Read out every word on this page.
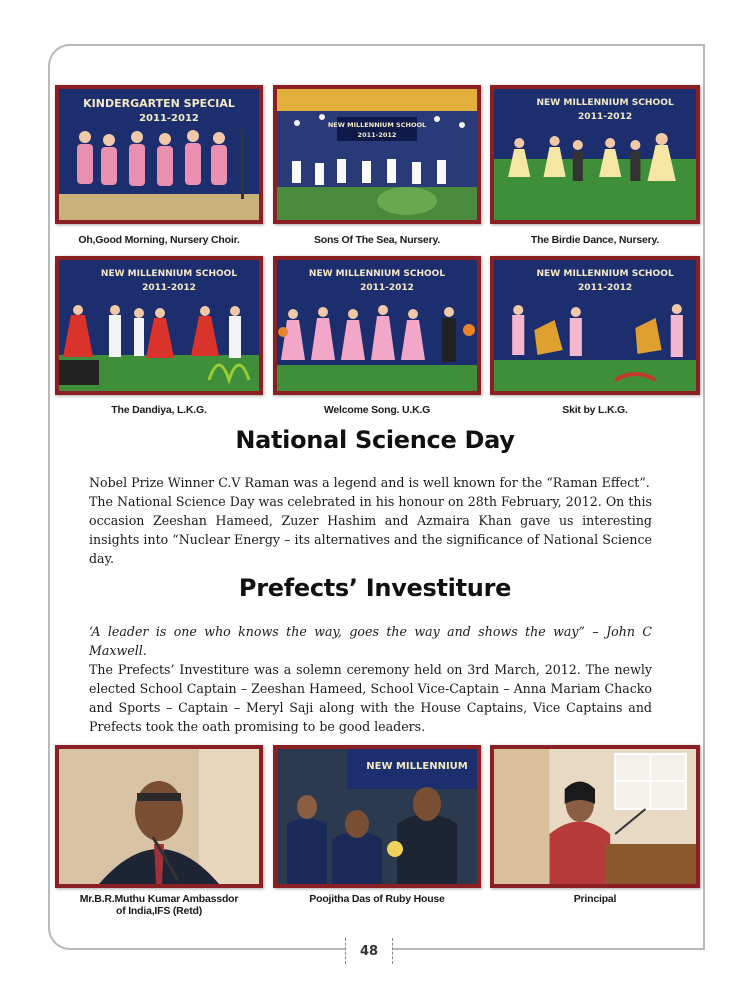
KINDERGARTEN SPECIAL
2011-2012
Oh,Good Morning, Nursery Choir.
NEW MILLENNIUM SCHOOL
2011-2012
Sons Of The Sea, Nursery.
NEW MILLENNIUM SCHOOL
2011-2012
The Birdie Dance, Nursery.
NEW MILLENNIUM SCHOOL
2011-2012
The Dandiya, L.K.G.
NEW MILLENNIUM SCHOOL
2011-2012
Welcome Song. U.K.G
NEW MILLENNIUM SCHOOL
2011-2012
Skit by L.K.G.
National Science Day

Nobel Prize Winner C.V Raman was a legend and is well known for the “Raman Effect”.

The National Science Day was celebrated in his honour on 28th February, 2012. On this occasion Zeeshan Hameed, Zuzer Hashim and Azmaira Khan gave us interesting insights into “Nuclear Energy – its alternatives and the significance of National Science day.

Prefects’ Investiture

‘A leader is one who knows the way, goes the way and shows the way” – John C Maxwell.

The Prefects’ Investiture was a solemn ceremony held on 3rd March, 2012. The newly elected School Captain – Zeeshan Hameed, School Vice-Captain – Anna Mariam Chacko and Sports – Captain – Meryl Saji along with the House Captains, Vice Captains and Prefects took the oath promising to be good leaders.

Mr.B.R.Muthu Kumar Ambassdor
of India,IFS (Retd)
NEW MILLENNIUM
Poojitha Das of Ruby House	Principal
48
